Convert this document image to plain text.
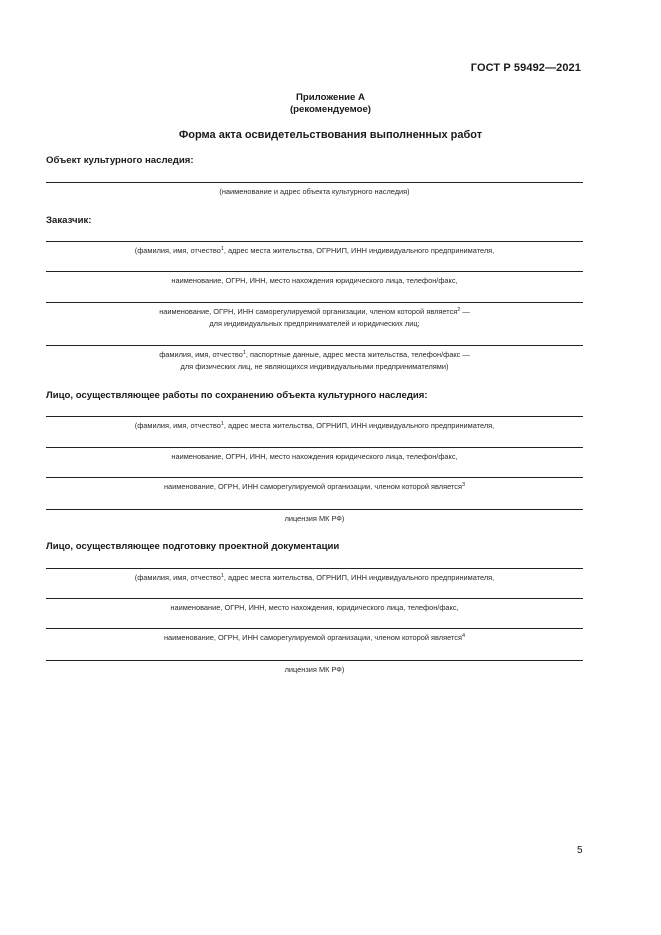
ГОСТ Р 59492—2021
Приложение А
(рекомендуемое)
Форма акта освидетельствования выполненных работ
Объект культурного наследия:
(наименование и адрес объекта культурного наследия)
Заказчик:
(фамилия, имя, отчество$^1$, адрес места жительства, ОГРНИП, ИНН индивидуального предпринимателя,
наименование, ОГРН, ИНН, место нахождения юридического лица, телефон/факс,
наименование, ОГРН, ИНН саморегулируемой организации, членом которой является$^2$ —
для индивидуальных предпринимателей и юридических лиц;
фамилия, имя, отчество$^1$, паспортные данные, адрес места жительства, телефон/факс —
для физических лиц, не являющихся индивидуальными предпринимателями)
Лицо, осуществляющее работы по сохранению объекта культурного наследия:
(фамилия, имя, отчество$^1$, адрес места жительства, ОГРНИП, ИНН индивидуального предпринимателя,
наименование, ОГРН, ИНН, место нахождения юридического лица, телефон/факс,
наименование, ОГРН, ИНН саморегулируемой организации, членом которой является$^3$
лицензия МК РФ)
Лицо, осуществляющее подготовку проектной документации
(фамилия, имя, отчество$^1$, адрес места жительства, ОГРНИП, ИНН индивидуального предпринимателя,
наименование, ОГРН, ИНН, место нахождения, юридического лица, телефон/факс,
наименование, ОГРН, ИНН саморегулируемой организации, членом которой является$^4$
лицензия МК РФ)
5
